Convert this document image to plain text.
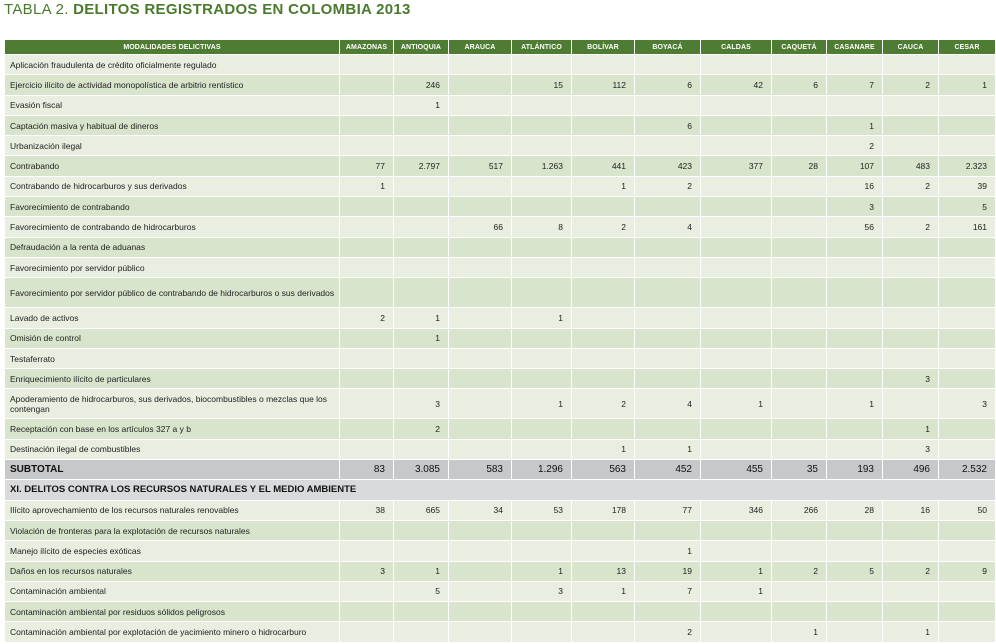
TABLA 2. DELITOS REGISTRADOS EN COLOMBIA 2013
MODALIDADES DELICTIVAS	AMAZONAS	ANTIOQUIA	ARAUCA	ATLÁNTICO	BOLÍVAR	BOYACÁ	CALDAS	CAQUETÁ	CASANARE	CAUCA	CESAR
Aplicación fraudulenta de crédito oficialmente regulado											
Ejercicio ilícito de actividad monopolística de arbitrio rentístico		246		15	112	6	42	6	7	2	1
Evasión fiscal		1									
Captación masiva y habitual de dineros						6			1		
Urbanización ilegal									2		
Contrabando	77	2.797	517	1.263	441	423	377	28	107	483	2.323
Contrabando de hidrocarburos y sus derivados	1				1	2			16	2	39
Favorecimiento de contrabando									3		5
Favorecimiento de contrabando de hidrocarburos			66	8	2	4			56	2	161
Defraudación a la renta de aduanas											
Favorecimiento por servidor público											
Favorecimiento por servidor público de contrabando de hidrocarburos o sus derivados											
Lavado de activos	2	1		1							
Omisión de control		1									
Testaferrato											
Enriquecimiento ilícito de particulares										3	
Apoderamiento de hidrocarburos, sus derivados, biocombustibles o mezclas que los contengan		3		1	2	4	1		1		3
Receptación con base en los artículos 327 a y b		2								1	
Destinación ilegal de combustibles					1	1				3	
SUBTOTAL	83	3.085	583	1.296	563	452	455	35	193	496	2.532
XI. DELITOS CONTRA LOS RECURSOS NATURALES Y EL MEDIO AMBIENTE											
Ilícito aprovechamiento de los recursos naturales renovables	38	665	34	53	178	77	346	266	28	16	50
Violación de fronteras para la explotación de recursos naturales											
Manejo ilícito de especies exóticas						1					
Daños en los recursos naturales	3	1		1	13	19	1	2	5	2	9
Contaminación ambiental		5		3	1	7	1				
Contaminación ambiental por residuos sólidos peligrosos											
Contaminación ambiental por explotación de yacimiento minero o hidrocarburo						2		1		1	
